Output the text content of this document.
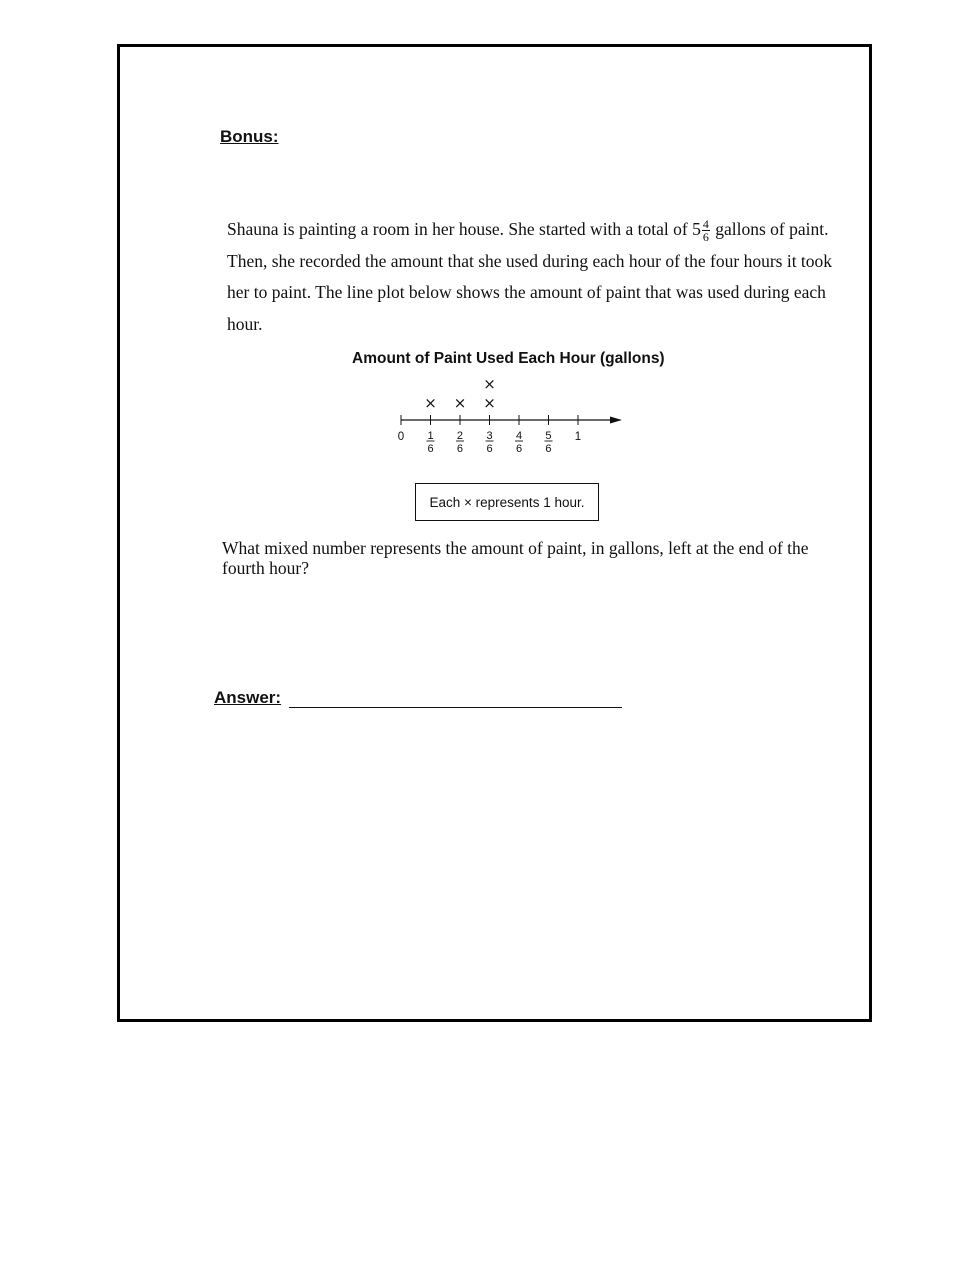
Bonus:
Shauna is painting a room in her house. She started with a total of $5 \frac{4}{6}$ gallons of paint. Then, she recorded the amount that she used during each hour of the four hours it took her to paint. The line plot below shows the amount of paint that was used during each hour.
Amount of Paint Used Each Hour (gallons)
0 1
6
2
6
3
6
4
6
5
6
1
× × ×
×
Each × represents 1 hour.
What mixed number represents the amount of paint, in gallons, left at the end of the fourth hour?
Answer:
